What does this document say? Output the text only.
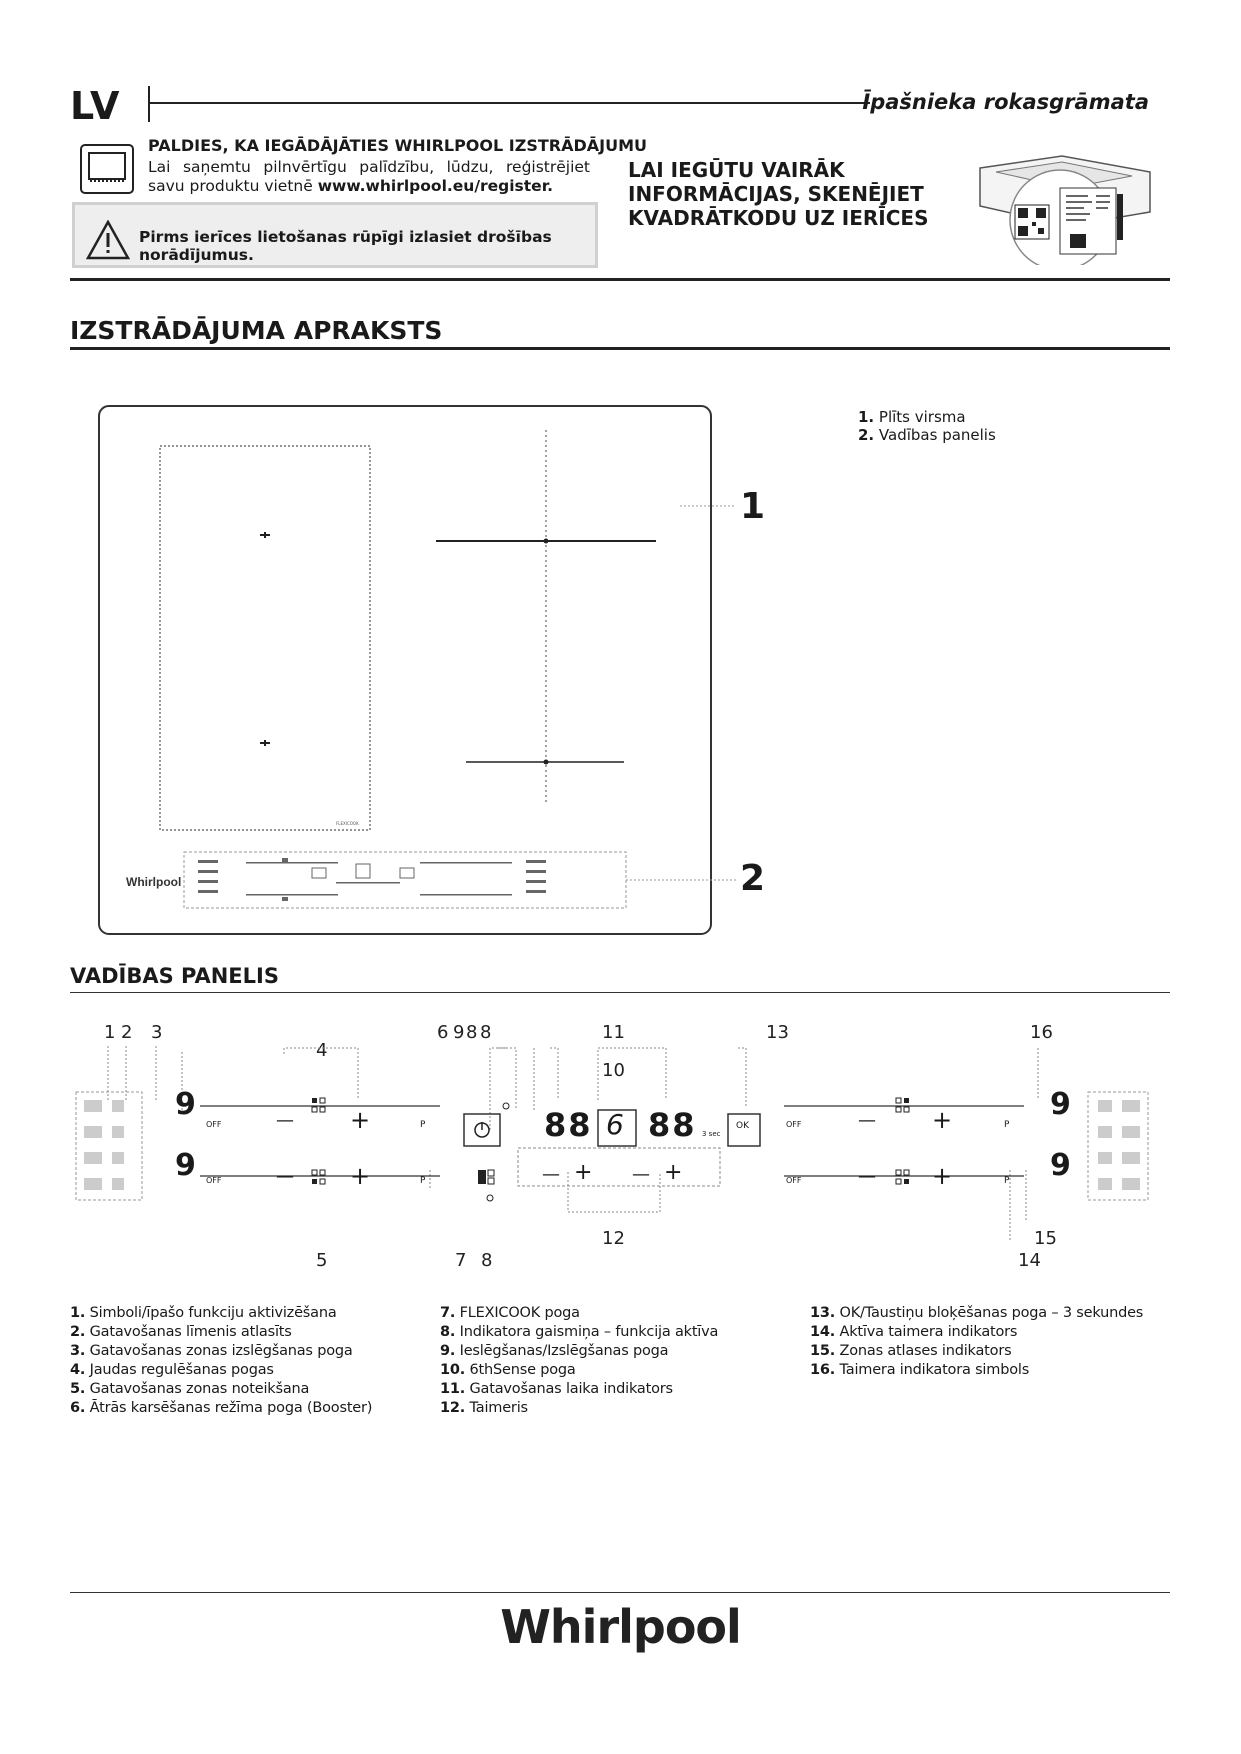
LV	Īpašnieka rokasgrāmata
PALDIES, KA IEGĀDĀJĀTIES WHIRLPOOL IZSTRĀDĀJUMU
Lai saņemtu pilnvērtīgu palīdzību, lūdzu, reģistrējiet savu produktu vietnē www.whirlpool.eu/register.
Pirms ierīces lietošanas rūpīgi izlasiet drošības norādījumus.
LAI IEGŪTU VAIRĀK
INFORMĀCIJAS, SKENĒJIET
KVADRĀTKODU UZ IERĪCES
IZSTRĀDĀJUMA APRAKSTS
FLEXICOOK
Whirlpool
1
2
1. Plīts virsma
2. Vadības panelis
VADĪBAS PANELIS
1 2 3
4
6 9 8 8	11
10
13	16
9
9
9
9
OFF
OFF
OFF
OFF
— +
— +
— +
— +
P
P
P
P
88 6 88 3 sec
OK
— + — +
5	7 8
12	15
14
1. Simboli/īpašo funkciju aktivizēšana
2. Gatavošanas līmenis atlasīts
3. Gatavošanas zonas izslēgšanas poga
4. Jaudas regulēšanas pogas
5. Gatavošanas zonas noteikšana
6. Ātrās karsēšanas režīma poga (Booster)
7. FLEXICOOK poga
8. Indikatora gaismiņa – funkcija aktīva
9. Ieslēgšanas/Izslēgšanas poga
10. 6thSense poga
11. Gatavošanas laika indikators
12. Taimeris
13. OK/Taustiņu bloķēšanas poga – 3 sekundes
14. Aktīva taimera indikators
15. Zonas atlases indikators
16. Taimera indikatora simbols
Whirlpool
